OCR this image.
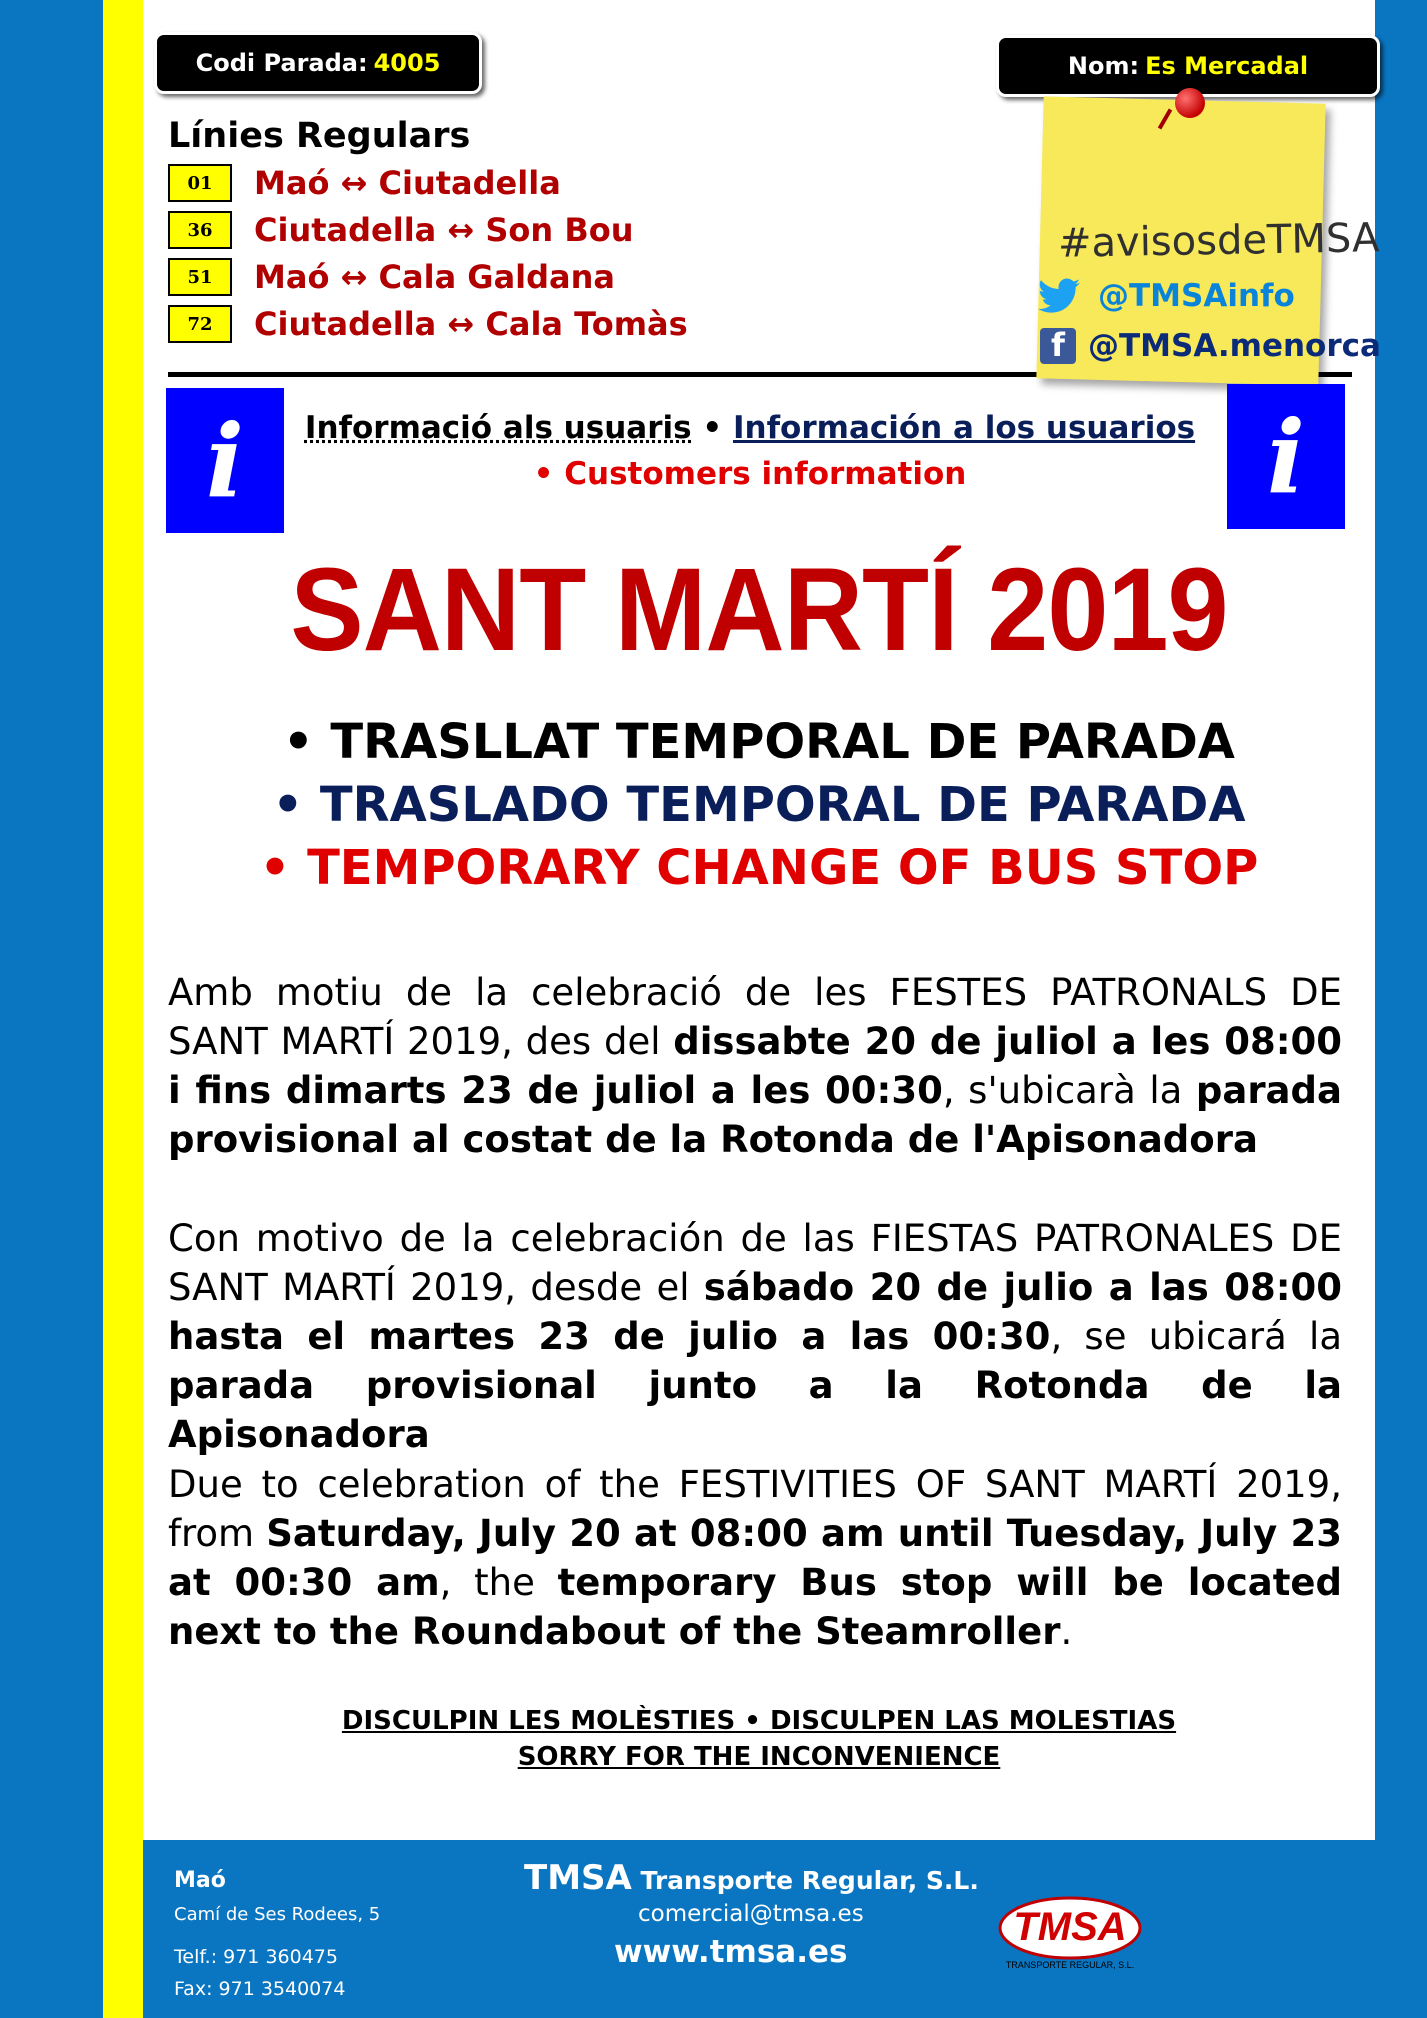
Codi Parada: 4005	Nom: Es Mercadal
Línies Regulars
01	Maó ↔ Ciutadella
36	Ciutadella ↔ Son Bou
51	Maó ↔ Cala Galdana
72	Ciutadella ↔ Cala Tomàs
#avisosdeTMSA
@TMSAinfo
f @TMSA.menorca
i	i
Informació als usuaris • Información a los usuarios
• Customers information
SANT MARTÍ 2019
• TRASLLAT TEMPORAL DE PARADA
• TRASLADO TEMPORAL DE PARADA
• TEMPORARY CHANGE OF BUS STOP
Amb motiu de la celebració de les FESTES PATRONALS DE SANT MARTÍ 2019, des del dissabte 20 de juliol a les 08:00 i fins dimarts 23 de juliol a les 00:30, s'ubicarà la parada provisional al costat de la Rotonda de l'Apisonadora
Con motivo de la celebración de las FIESTAS PATRONALES DE SANT MARTÍ 2019, desde el sábado 20 de julio a las 08:00 hasta el martes 23 de julio a las 00:30, se ubicará la parada provisional junto a la Rotonda de la Apisonadora
Due to celebration of the FESTIVITIES OF SANT MARTÍ 2019, from Saturday, July 20 at 08:00 am until Tuesday, July 23 at 00:30 am, the temporary Bus stop will be located next to the Roundabout of the Steamroller.
DISCULPIN LES MOLÈSTIES • DISCULPEN LAS MOLESTIAS
SORRY FOR THE INCONVENIENCE
Maó
Camí de Ses Rodees, 5
Telf.: 971 360475
Fax: 971 3540074
TMSA Transporte Regular, S.L.
comercial@tmsa.es
www.tmsa.es
TMSA
TRANSPORTE REGULAR, S.L.
